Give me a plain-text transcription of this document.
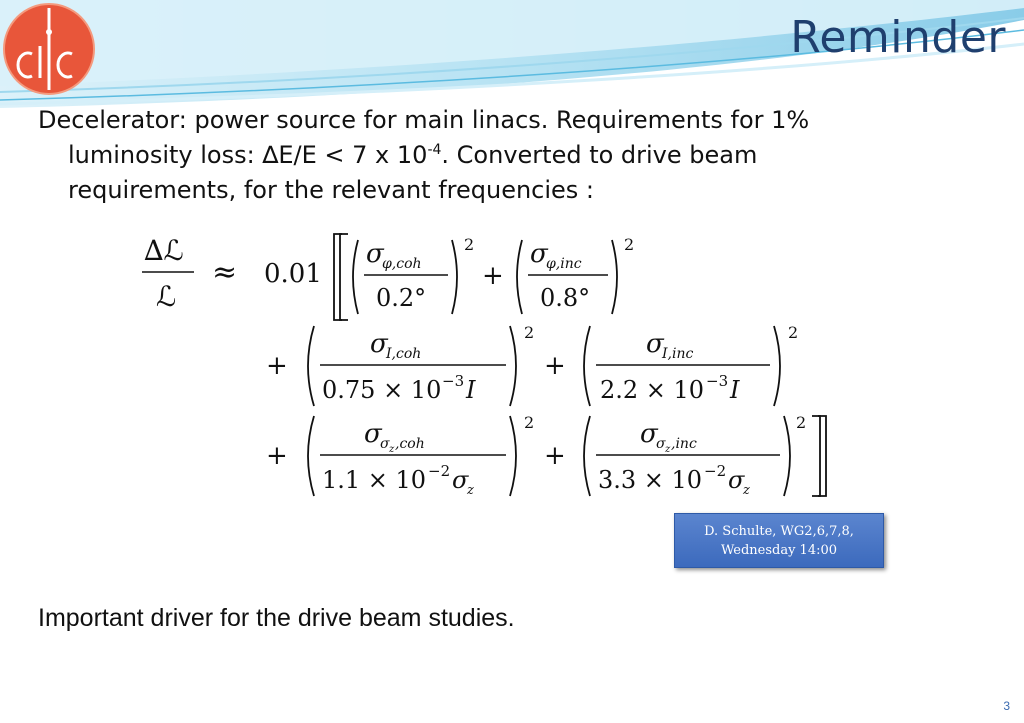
Reminder
Decelerator: power source for main linacs. Requirements for 1%
luminosity loss: ∆E/E < 7 x $10^{-4}$. Converted to drive beam
requirements, for the relevant frequencies :
∆ℒ
ℒ
≈ 0.01
σ
φ,coh
0.2°
2
+
σ
φ,inc
0.8°
2
+
σ
I,coh
0.75 × 10 −3 I
2
+
σ
I,inc
2.2 × 10 −3 I
2
+
σ
σ z ,coh
1.1 × 10 −2 σ
z
2
+
σ
σ z ,inc
3.3 × 10 −2 σ
z
2
D. Schulte, WG2,6,7,8,
Wednesday 14:00
Important driver for the drive beam studies.
3
